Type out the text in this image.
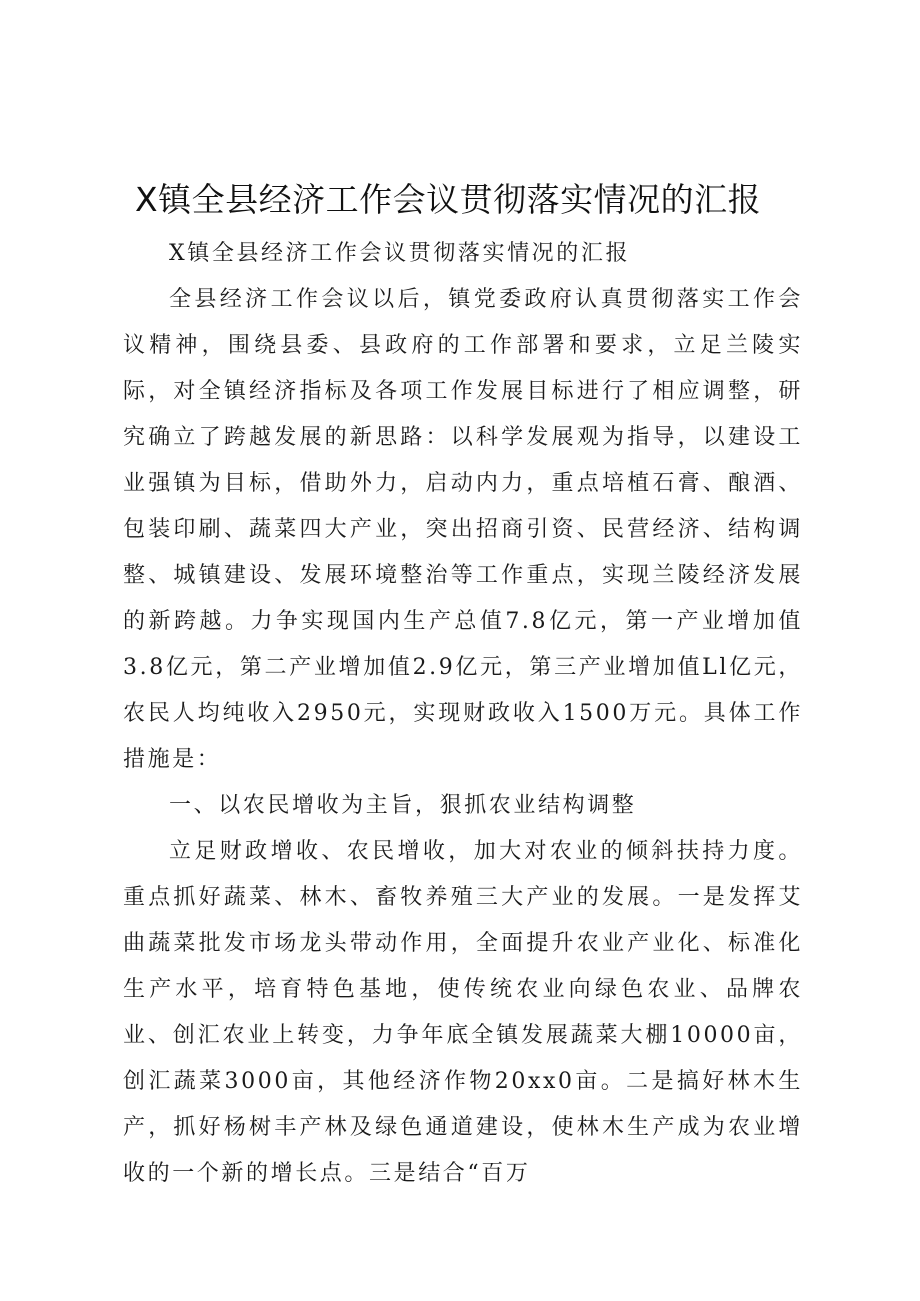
X镇全县经济工作会议贯彻落实情况的汇报

X镇全县经济工作会议贯彻落实情况的汇报

全县经济工作会议以后，镇党委政府认真贯彻落实工作会议精神，围绕县委、县政府的工作部署和要求，立足兰陵实际，对全镇经济指标及各项工作发展目标进行了相应调整，研究确立了跨越发展的新思路：以科学发展观为指导，以建设工业强镇为目标，借助外力，启动内力，重点培植石膏、酿酒、包装印刷、蔬菜四大产业，突出招商引资、民营经济、结构调整、城镇建设、发展环境整治等工作重点，实现兰陵经济发展的新跨越。力争实现国内生产总值7.8亿元，第一产业增加值3.8亿元，第二产业增加值2.9亿元，第三产业增加值Ll亿元，农民人均纯收入2950元，实现财政收入1500万元。具体工作措施是：

一、以农民增收为主旨，狠抓农业结构调整

立足财政增收、农民增收，加大对农业的倾斜扶持力度。重点抓好蔬菜、林木、畜牧养殖三大产业的发展。一是发挥艾曲蔬菜批发市场龙头带动作用，全面提升农业产业化、标准化生产水平，培育特色基地，使传统农业向绿色农业、品牌农业、创汇农业上转变，力争年底全镇发展蔬菜大棚10000亩，创汇蔬菜3000亩，其他经济作物20xx0亩。二是搞好林木生产，抓好杨树丰产林及绿色通道建设，使林木生产成为农业增收的一个新的增长点。三是结合“百万
